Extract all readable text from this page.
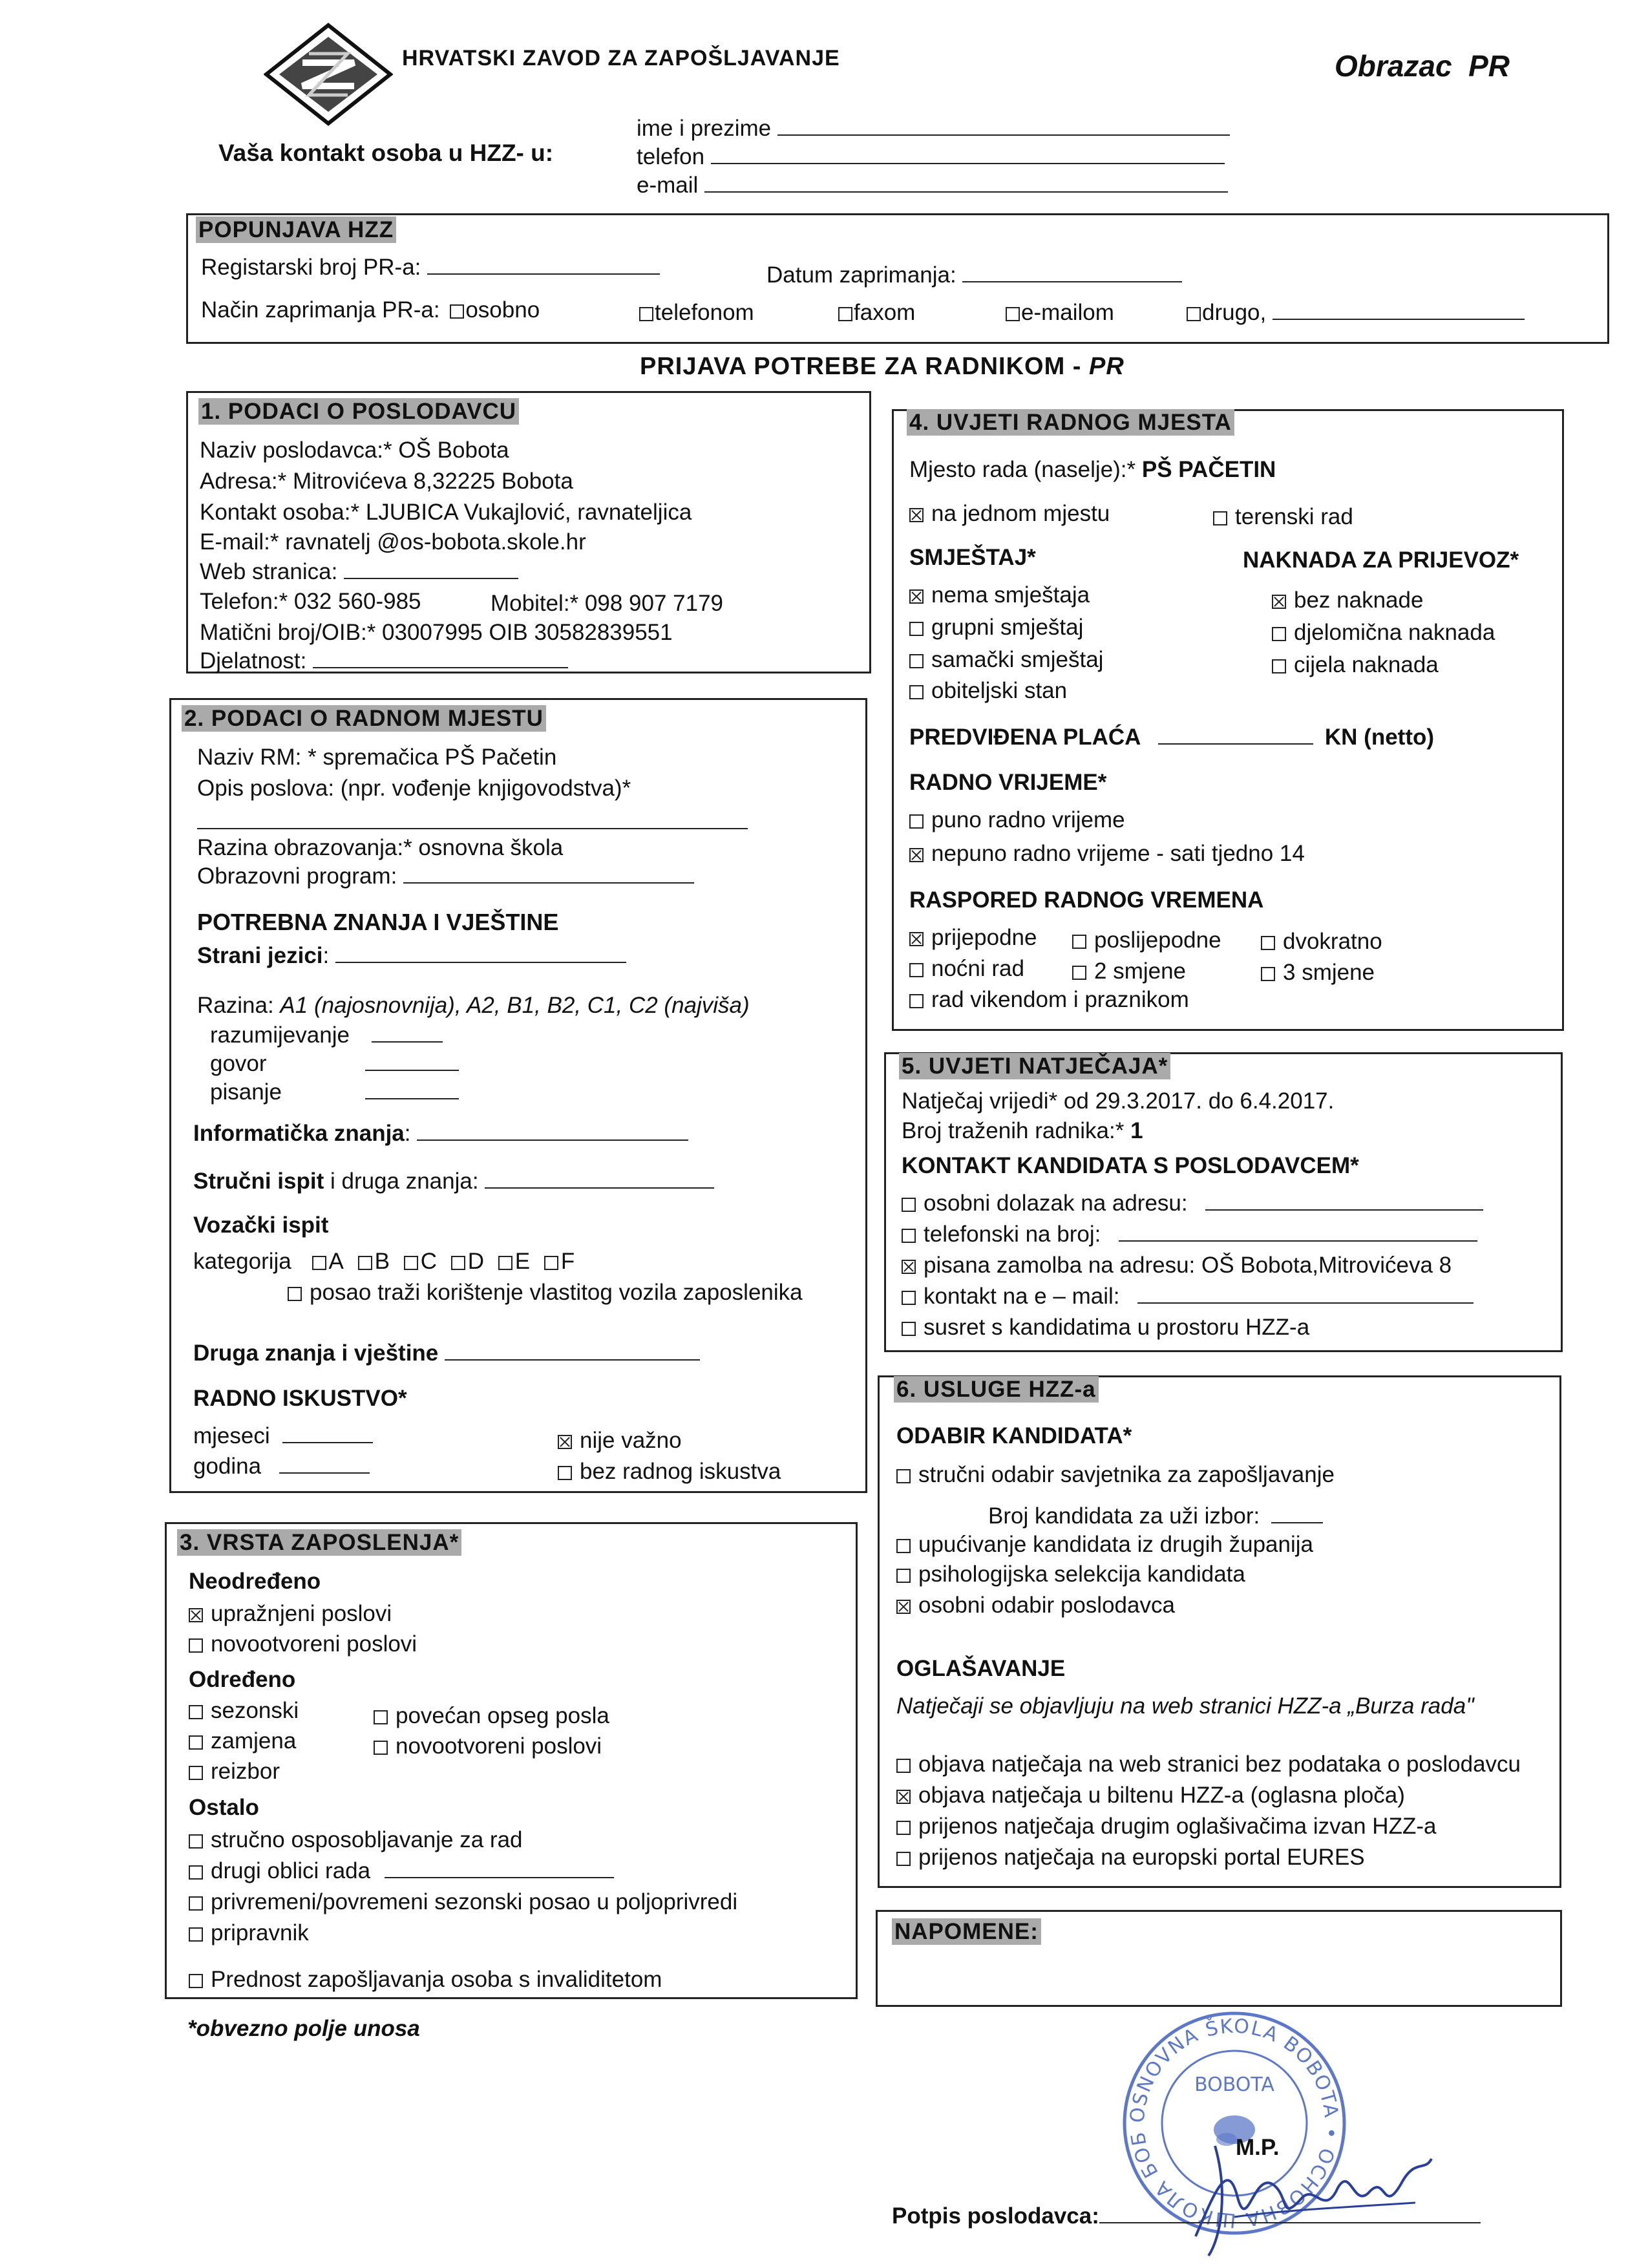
HRVATSKI ZAVOD ZA ZAPOŠLJAVANJE	Obrazac  PR
Vaša kontakt osoba u HZZ- u:
ime i prezime
telefon
e-mail
POPUNJAVA HZZ
Registarski broj PR-a:	Datum zaprimanja:
Način zaprimanja PR-a: osobno	telefonom	faxom	e-mailom	drugo,
PRIJAVA POTREBE ZA RADNIKOM - PR
1. PODACI O POSLODAVCU
Naziv poslodavca:* OŠ Bobota
Adresa:* Mitrovićeva 8,32225 Bobota
Kontakt osoba:* LJUBICA Vukajlović, ravnateljica
E-mail:* ravnatelj @os-bobota.skole.hr
Web stranica:
Telefon:* 032 560-985	Mobitel:* 098 907 7179
Matični broj/OIB:* 03007995 OIB 30582839551
Djelatnost:
2. PODACI O RADNOM MJESTU
Naziv RM: * spremačica PŠ Pačetin
Opis poslova: (npr. vođenje knjigovodstva)*
Razina obrazovanja:* osnovna škola
Obrazovni program:
POTREBNA ZNANJA I VJEŠTINE
Strani jezici:
Razina: A1 (najosnovnija), A2, B1, B2, C1, C2 (najviša)
razumijevanje
govor
pisanje
Informatička znanja:
Stručni ispit i druga znanja:
Vozački ispit
kategorija A B C D E F
posao traži korištenje vlastitog vozila zaposlenika
Druga znanja i vještine
RADNO ISKUSTVO*
mjeseci
godina
nije važno
bez radnog iskustva
3. VRSTA ZAPOSLENJA*
Neodređeno
upražnjeni poslovi
novootvoreni poslovi
Određeno
sezonski
zamjena
reizbor
povećan opseg posla
novootvoreni poslovi
Ostalo
stručno osposobljavanje za rad
drugi oblici rada
privremeni/povremeni sezonski posao u poljoprivredi
pripravnik
Prednost zapošljavanja osoba s invaliditetom
*obvezno polje unosa
4. UVJETI RADNOG MJESTA
Mjesto rada (naselje):* PŠ PAČETIN
na jednom mjestu	terenski rad
SMJEŠTAJ*
nema smještaja
grupni smještaj
samački smještaj
obiteljski stan
NAKNADA ZA PRIJEVOZ*
bez naknade
djelomična naknada
cijela naknada
PREDVIĐENA PLAĆA	KN (netto)
RADNO VRIJEME*
puno radno vrijeme
nepuno radno vrijeme - sati tjedno 14
RASPORED RADNOG VREMENA
prijepodne	poslijepodne	dvokratno
noćni rad	2 smjene	3 smjene
rad vikendom i praznikom
5. UVJETI NATJEČAJA*
Natječaj vrijedi* od 29.3.2017. do 6.4.2017.
Broj traženih radnika:* 1
KONTAKT KANDIDATA S POSLODAVCEM*
osobni dolazak na adresu:
telefonski na broj:
pisana zamolba na adresu: OŠ Bobota,Mitrovićeva 8
kontakt na e – mail:
susret s kandidatima u prostoru HZZ-a
6. USLUGE HZZ-a
ODABIR KANDIDATA*
stručni odabir savjetnika za zapošljavanje
Broj kandidata za uži izbor:
upućivanje kandidata iz drugih županija
psihologijska selekcija kandidata
osobni odabir poslodavca
OGLAŠAVANJE
Natječaji se objavljuju na web stranici HZZ-a „Burza rada"
objava natječaja na web stranici bez podataka o poslodavcu
objava natječaja u biltenu HZZ-a (oglasna ploča)
prijenos natječaja drugim oglašivačima izvan HZZ-a
prijenos natječaja na europski portal EURES
NAPOMENE:
OSNOVNA ŠKOLA BOBOTA • ОСНОВНА ШКОЛА БОБ
BOBOTA
M.P.
Potpis poslodavca:
